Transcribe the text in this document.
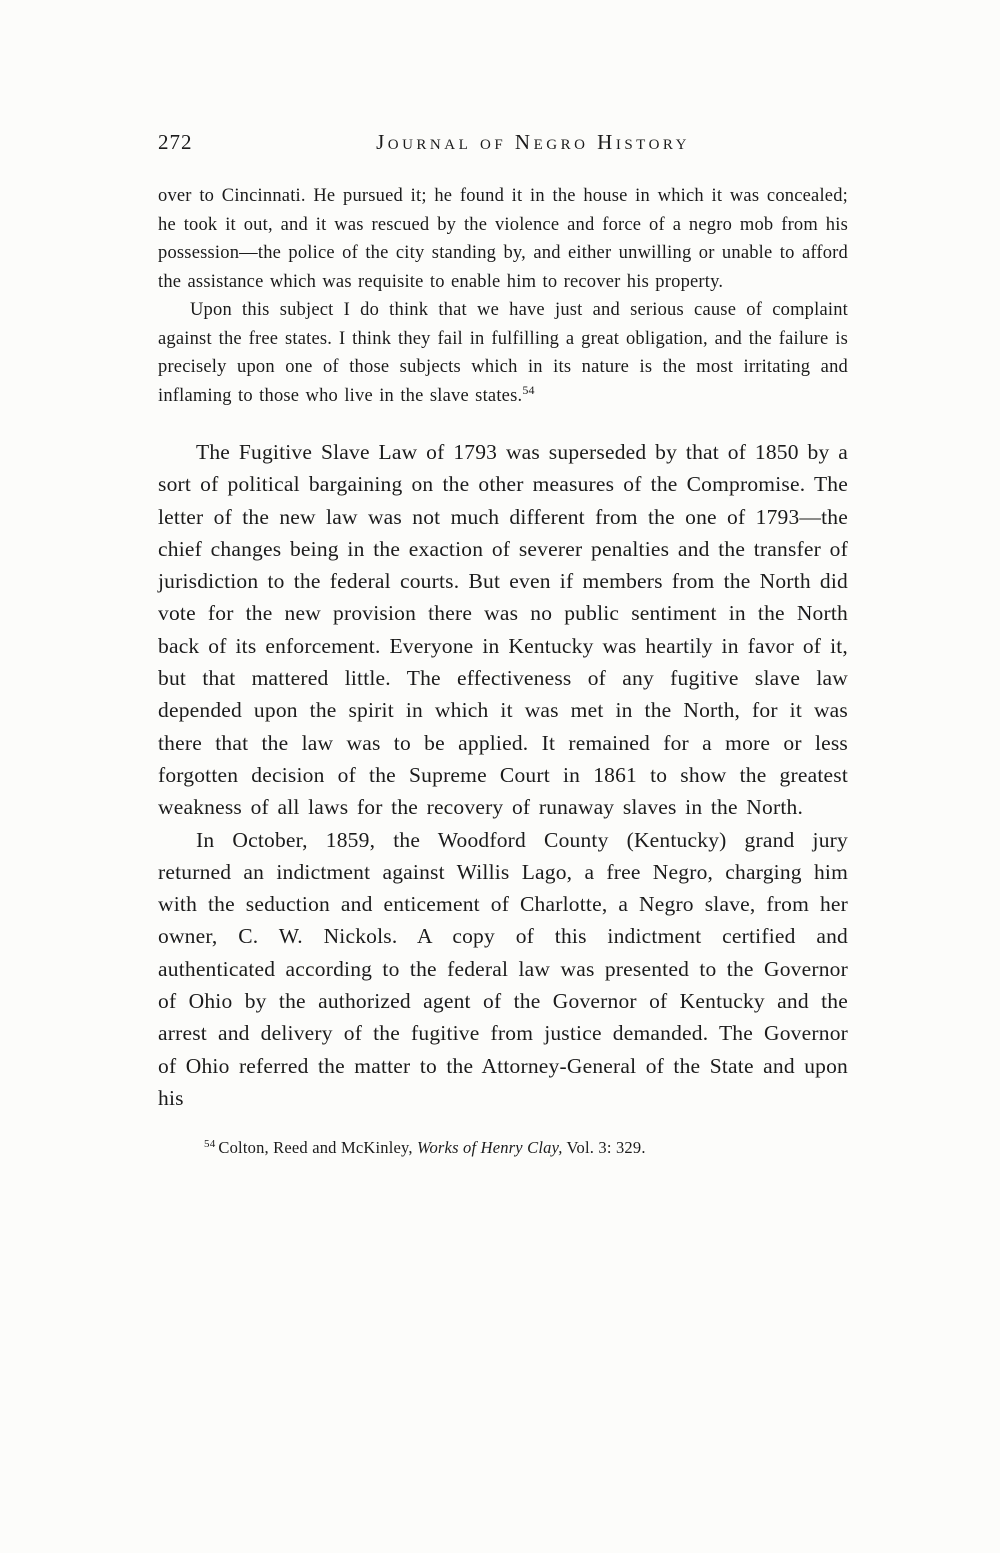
272	Journal of Negro History

over to Cincinnati. He pursued it; he found it in the house in which it was concealed; he took it out, and it was rescued by the violence and force of a negro mob from his possession—the police of the city standing by, and either unwilling or unable to afford the assistance which was requisite to enable him to recover his property.

Upon this subject I do think that we have just and serious cause of complaint against the free states. I think they fail in fulfilling a great obligation, and the failure is precisely upon one of those subjects which in its nature is the most irritating and inflaming to those who live in the slave states.$^{54}$

The Fugitive Slave Law of 1793 was superseded by that of 1850 by a sort of political bargaining on the other measures of the Compromise. The letter of the new law was not much different from the one of 1793—the chief changes being in the exaction of severer penalties and the transfer of jurisdiction to the federal courts. But even if members from the North did vote for the new provision there was no public sentiment in the North back of its enforcement. Everyone in Kentucky was heartily in favor of it, but that mattered little. The effectiveness of any fugitive slave law depended upon the spirit in which it was met in the North, for it was there that the law was to be applied. It remained for a more or less forgotten decision of the Supreme Court in 1861 to show the greatest weakness of all laws for the recovery of runaway slaves in the North.

In October, 1859, the Woodford County (Kentucky) grand jury returned an indictment against Willis Lago, a free Negro, charging him with the seduction and enticement of Charlotte, a Negro slave, from her owner, C. W. Nickols. A copy of this indictment certified and authenticated according to the federal law was presented to the Governor of Ohio by the authorized agent of the Governor of Kentucky and the arrest and delivery of the fugitive from justice demanded. The Governor of Ohio referred the matter to the Attorney-General of the State and upon his

$^{54}$ Colton, Reed and McKinley, Works of Henry Clay, Vol. 3: 329.
